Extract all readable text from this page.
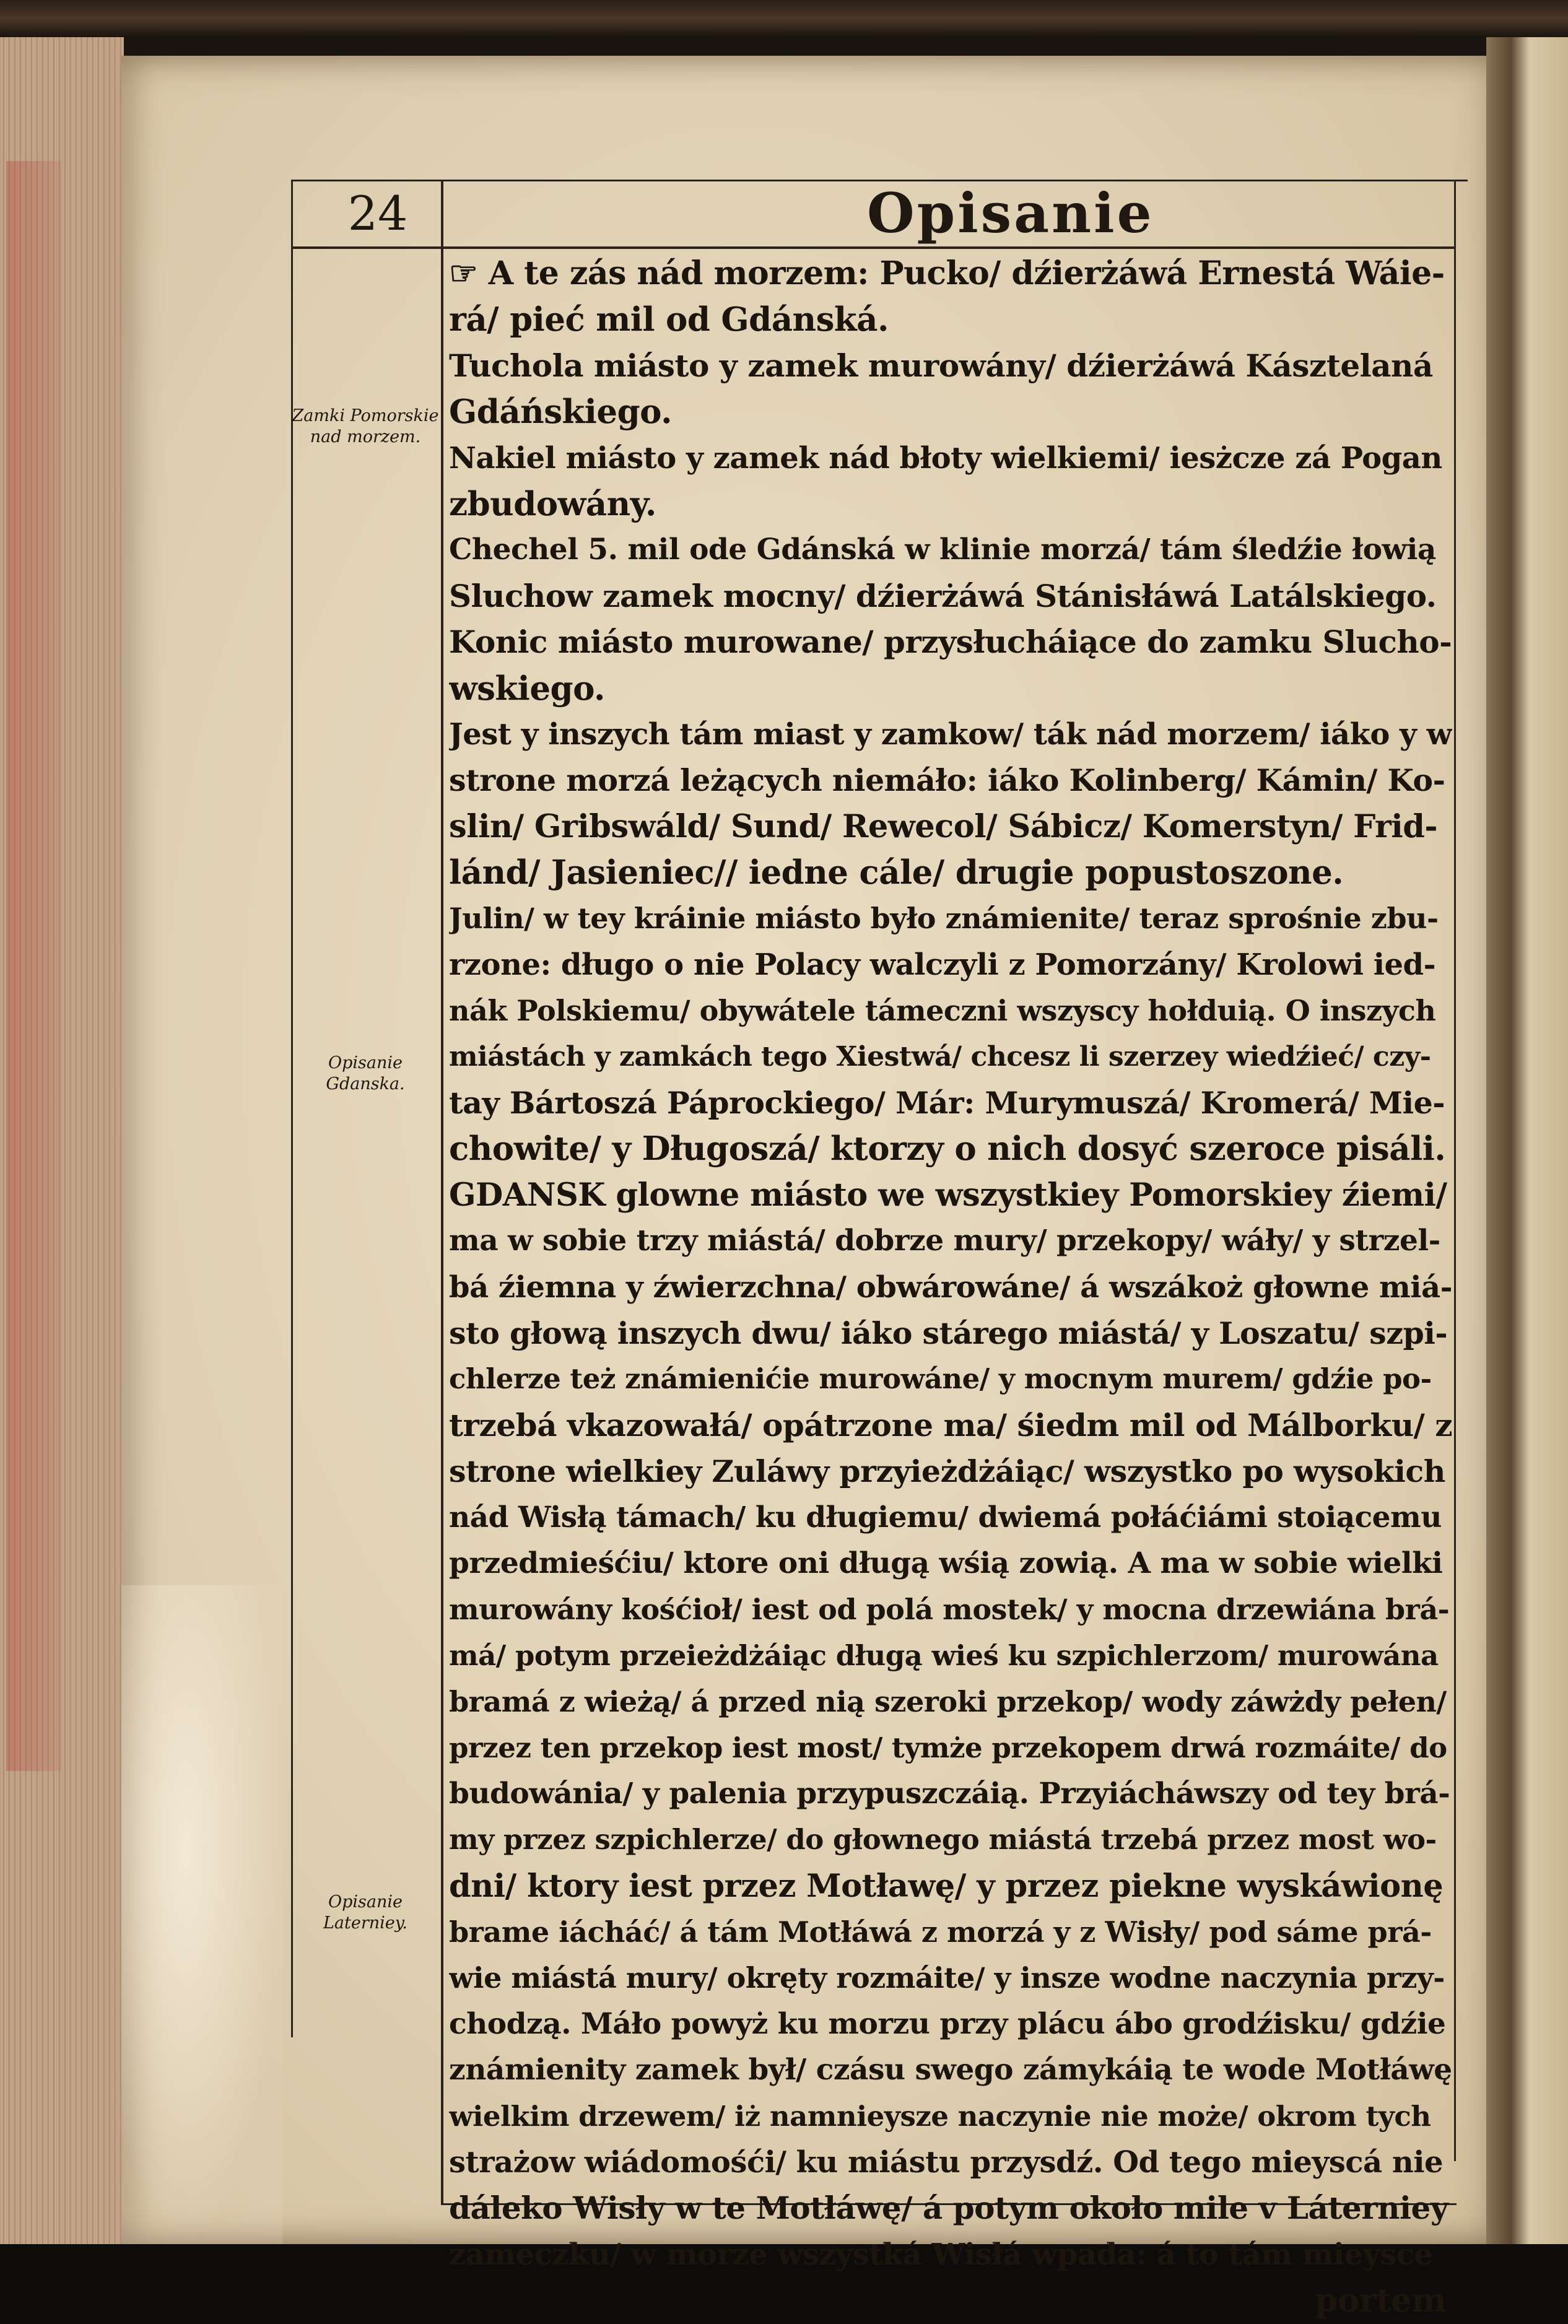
24	Opisanie
Zamki Pomorskie nad morzem.
Opisanie Gdanska.
Opisanie Laterniey.
☞ A te zás nád morzem: Pucko/ dźierżáwá Ernestá Wáie-
rá/ pieć mil od Gdánská.
Tuchola miásto y zamek murowány/ dźierżáwá Kásztelaná
Gdáńskiego.
Nakiel miásto y zamek nád błoty wielkiemi/ iesżcze zá Pogan
zbudowány.
Chechel 5. mil ode Gdánská w klinie morzá/ tám śledźie łowią
Sluchow zamek mocny/ dźierżáwá Stánisłáwá Latálskiego.
Konic miásto murowane/ przysłucháiące do zamku Slucho-
wskiego.
Jest y inszych tám miast y zamkow/ ták nád morzem/ iáko y w
strone morzá leżących niemáło: iáko Kolinberg/ Kámin/ Ko-
slin/ Gribswáld/ Sund/ Rewecol/ Sábicz/ Komerstyn/ Frid-
lánd/ Jasieniec// iedne cále/ drugie popustoszone.
Julin/ w tey kráinie miásto było známienite/ teraz sprośnie zbu-
rzone: długo o nie Polacy walczyli z Pomorzány/ Krolowi ied-
nák Polskiemu/ obywátele támeczni wszyscy hołduią. O inszych
miástách y zamkách tego Xiestwá/ chcesz li szerzey wiedźieć/ czy-
tay Bártoszá Páprockiego/ Már: Murymuszá/ Kromerá/ Mie-
chowite/ y Długoszá/ ktorzy o nich dosyć szeroce pisáli.
GDANSK glowne miásto we wszystkiey Pomorskiey źiemi/
ma w sobie trzy miástá/ dobrze mury/ przekopy/ wáły/ y strzel-
bá źiemna y źwierzchna/ obwárowáne/ á wszákoż głowne miá-
sto głową inszych dwu/ iáko stárego miástá/ y Loszatu/ szpi-
chlerze też známienićie murowáne/ y mocnym murem/ gdźie po-
trzebá vkazowałá/ opátrzone ma/ śiedm mil od Málborku/ z
strone wielkiey Zuláwy przyieżdżáiąc/ wszystko po wysokich
nád Wisłą támach/ ku długiemu/ dwiemá połáćiámi stoiącemu
przedmieśćiu/ ktore oni długą wśią zowią. A ma w sobie wielki
murowány kośćioł/ iest od polá mostek/ y mocna drzewiána brá-
má/ potym przeieżdżáiąc długą wieś ku szpichlerzom/ murowána
bramá z wieżą/ á przed nią szeroki przekop/ wody záwżdy pełen/
przez ten przekop iest most/ tymże przekopem drwá rozmáite/ do
budowánia/ y palenia przypuszczáią. Przyiácháwszy od tey brá-
my przez szpichlerze/ do głownego miástá trzebá przez most wo-
dni/ ktory iest przez Motławę/ y przez piekne wyskáwionę
brame iácháć/ á tám Motłáwá z morzá y z Wisły/ pod sáme prá-
wie miástá mury/ okręty rozmáite/ y insze wodne naczynia przy-
chodzą. Máło powyż ku morzu przy plácu ábo grodźisku/ gdźie
známienity zamek był/ czásu swego zámykáią te wode Motłáwę
wielkim drzewem/ iż namnieysze naczynie nie może/ okrom tych
strażow wiádomośći/ ku miástu przysdź. Od tego mieyscá nie
dáleko Wisły w te Motłáwę/ á potym około mile v Láterniey
zameczku/ w morze wszystká Wisłá wpada: á to tám mieysce
portem
